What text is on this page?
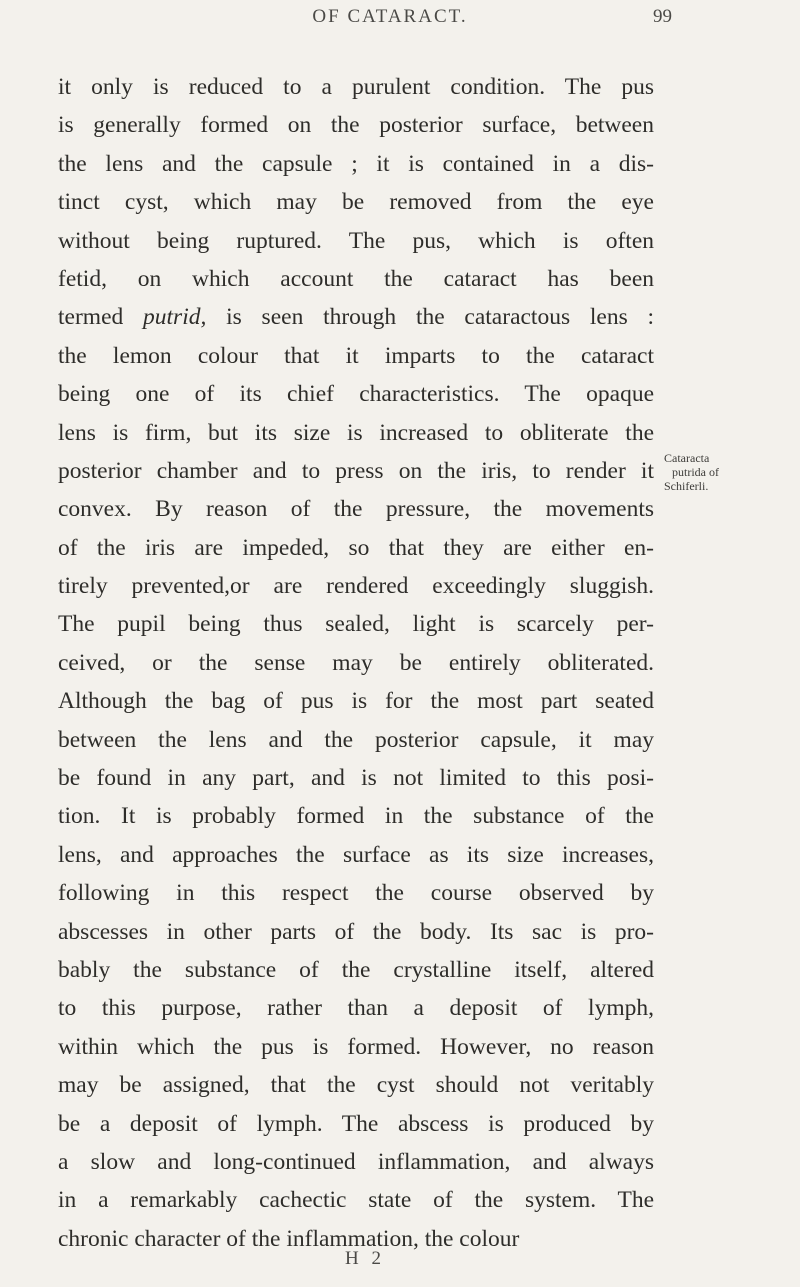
OF CATARACT.	99
it only is reduced to a purulent condition. The pus
is generally formed on the posterior surface, between
the lens and the capsule ; it is contained in a dis-
tinct cyst, which may be removed from the eye
without being ruptured. The pus, which is often
fetid, on which account the cataract has been
termed putrid, is seen through the cataractous lens :
the lemon colour that it imparts to the cataract
being one of its chief characteristics. The opaque
lens is firm, but its size is increased to obliterate the
posterior chamber and to press on the iris, to render it
convex. By reason of the pressure, the movements
of the iris are impeded, so that they are either en-
tirely prevented,or are rendered exceedingly sluggish.
The pupil being thus sealed, light is scarcely per-
ceived, or the sense may be entirely obliterated.
Although the bag of pus is for the most part seated
between the lens and the posterior capsule, it may
be found in any part, and is not limited to this posi-
tion. It is probably formed in the substance of the
lens, and approaches the surface as its size increases,
following in this respect the course observed by
abscesses in other parts of the body. Its sac is pro-
bably the substance of the crystalline itself, altered
to this purpose, rather than a deposit of lymph,
within which the pus is formed. However, no reason
may be assigned, that the cyst should not veritably
be a deposit of lymph. The abscess is produced by
a slow and long-continued inflammation, and always
in a remarkably cachectic state of the system. The
chronic character of the inflammation, the colour
Cataracta
putrida of
Schiferli.
H 2
